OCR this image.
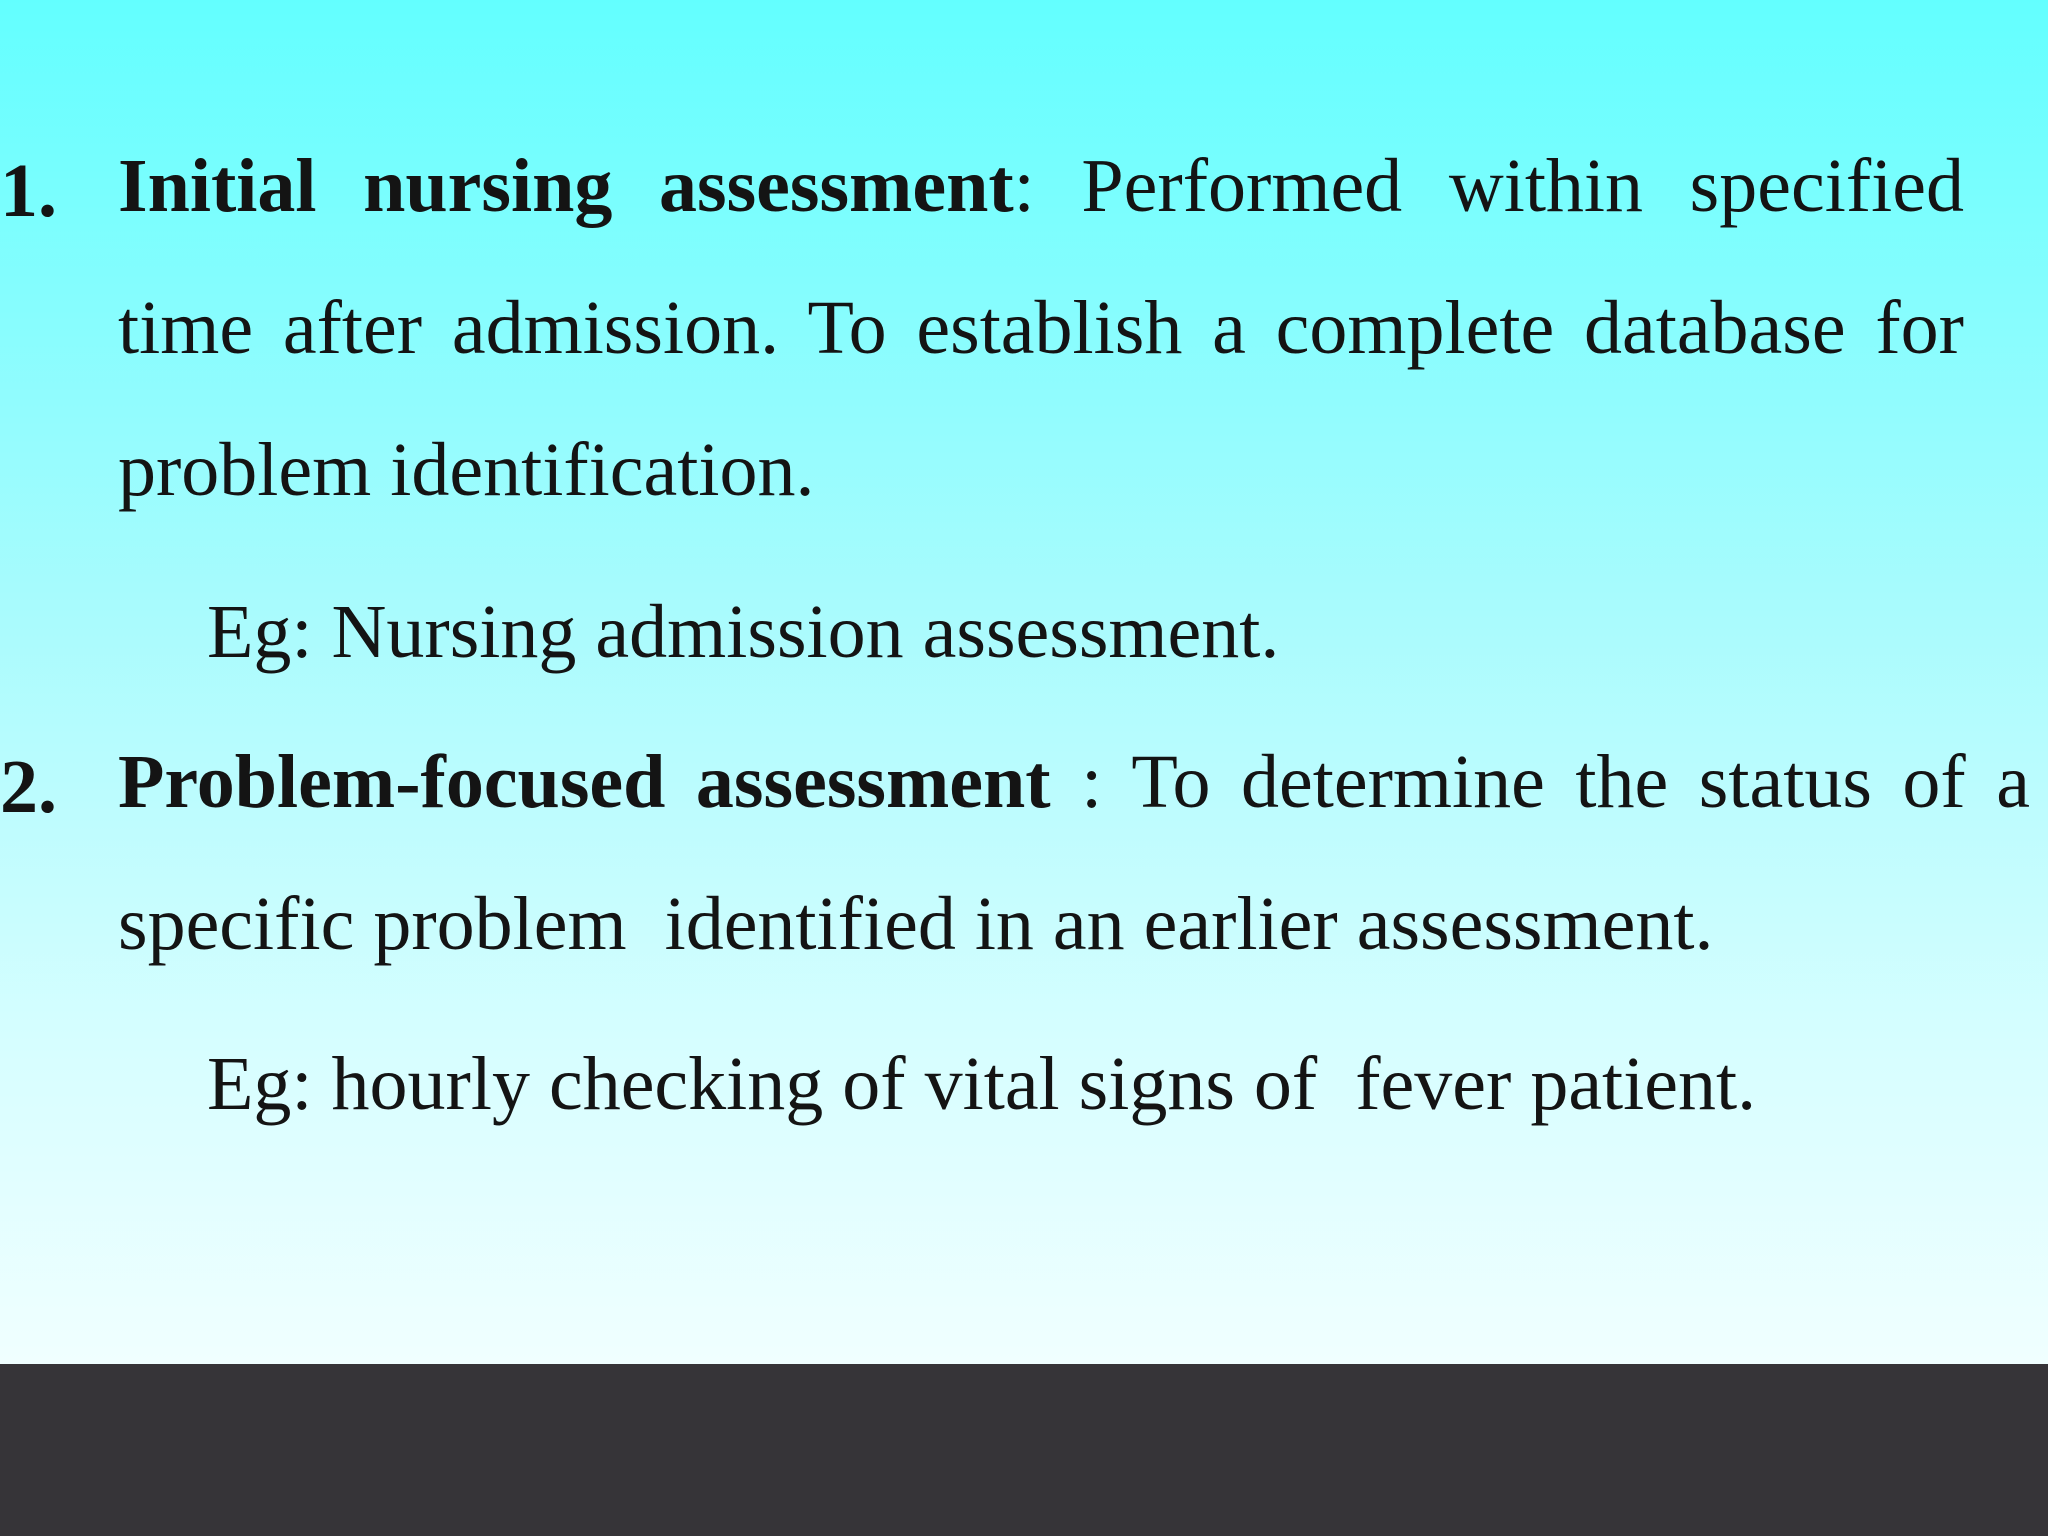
1. Initial nursing assessment: Performed within specified
time after admission. To establish a complete database for
problem identification.
Eg: Nursing admission assessment.
2. Problem-focused assessment : To determine the status of a
specific problem  identified in an earlier assessment.
Eg: hourly checking of vital signs of  fever patient.
